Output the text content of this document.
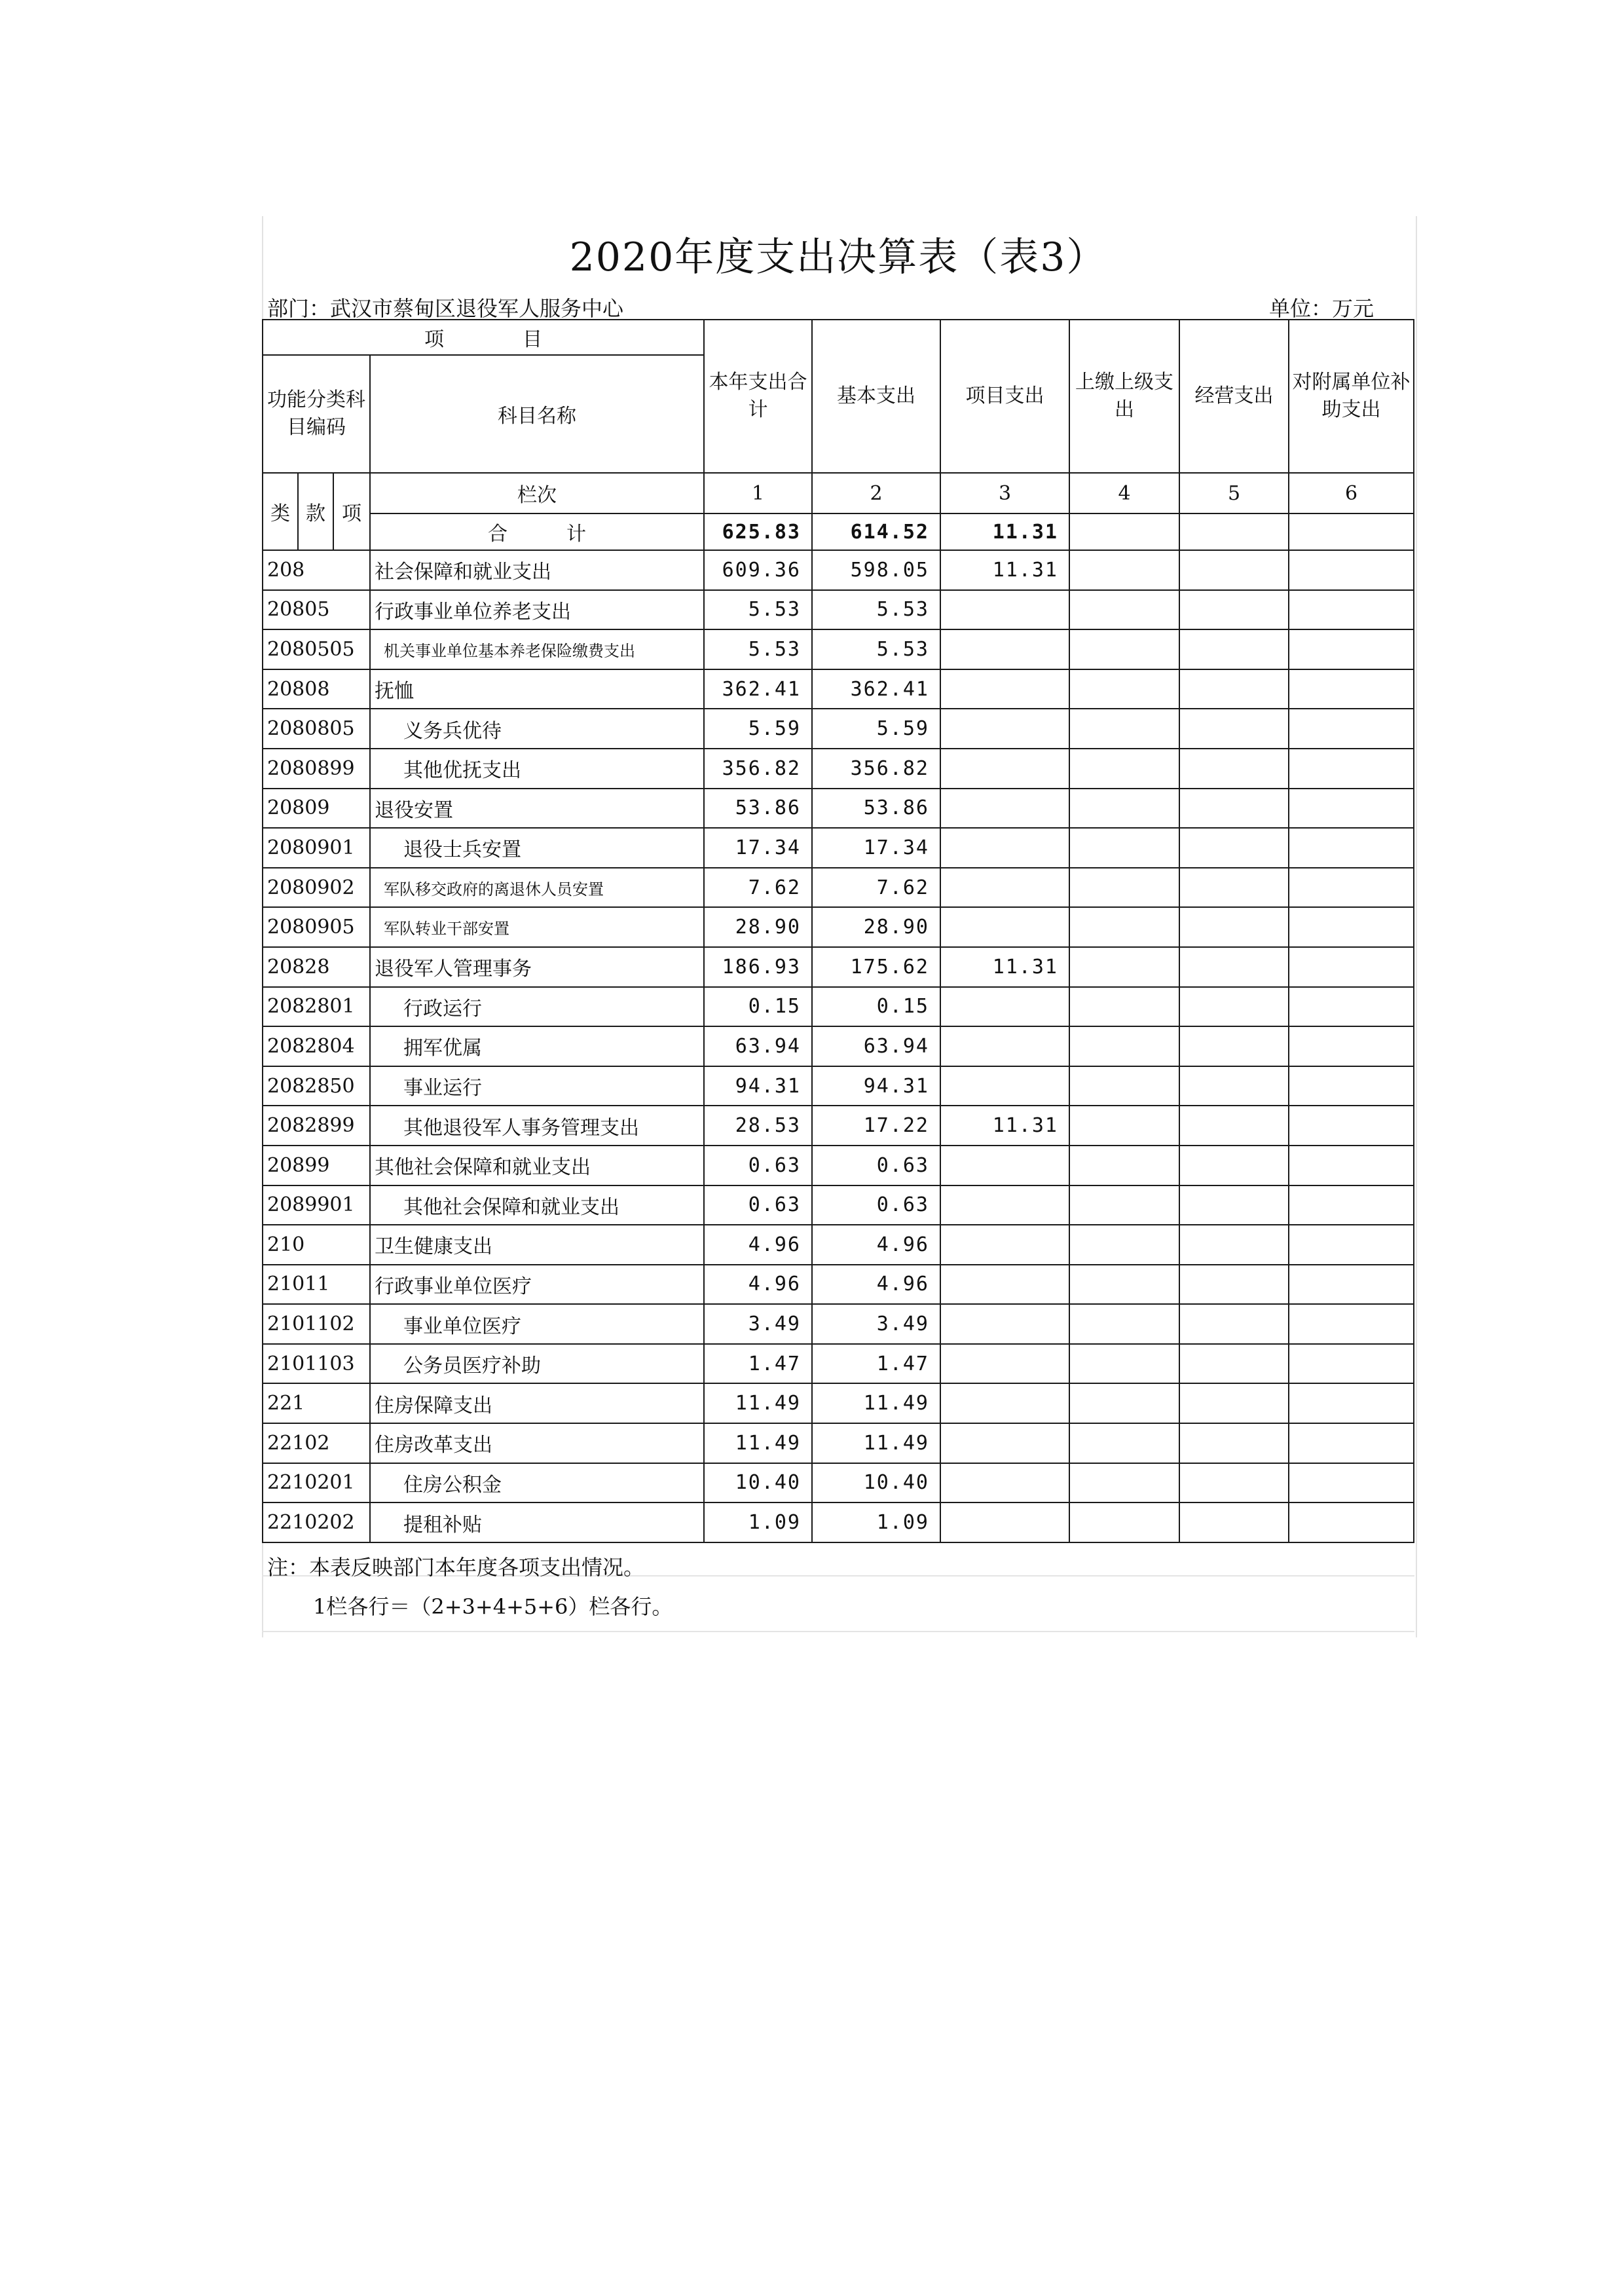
2020年度支出决算表（表3）
部门：武汉市蔡甸区退役军人服务中心	单位：万元
项　　　　目				本年支出合计	基本支出	项目支出	上缴上级支出	经营支出	对附属单位补助支出
功能分类科目编码			科目名称						

类	款	项	栏次	1	2	3	4	5	6
			合　　　计	625.83	614.52	11.31			
208			社会保障和就业支出	609.36	598.05	11.31			
20805			行政事业单位养老支出	5.53	5.53				
2080505			机关事业单位基本养老保险缴费支出	5.53	5.53				
20808			抚恤	362.41	362.41				
2080805			义务兵优待	5.59	5.59				
2080899			其他优抚支出	356.82	356.82				
20809			退役安置	53.86	53.86				
2080901			退役士兵安置	17.34	17.34				
2080902			军队移交政府的离退休人员安置	7.62	7.62				
2080905			军队转业干部安置	28.90	28.90				
20828			退役军人管理事务	186.93	175.62	11.31			
2082801			行政运行	0.15	0.15				
2082804			拥军优属	63.94	63.94				
2082850			事业运行	94.31	94.31				
2082899			其他退役军人事务管理支出	28.53	17.22	11.31			
20899			其他社会保障和就业支出	0.63	0.63				
2089901			其他社会保障和就业支出	0.63	0.63				
210			卫生健康支出	4.96	4.96				
21011			行政事业单位医疗	4.96	4.96				
2101102			事业单位医疗	3.49	3.49				
2101103			公务员医疗补助	1.47	1.47				
221			住房保障支出	11.49	11.49				
22102			住房改革支出	11.49	11.49				
2210201			住房公积金	10.40	10.40				
2210202			提租补贴	1.09	1.09				
注：本表反映部门本年度各项支出情况。
1栏各行＝（2+3+4+5+6）栏各行。
